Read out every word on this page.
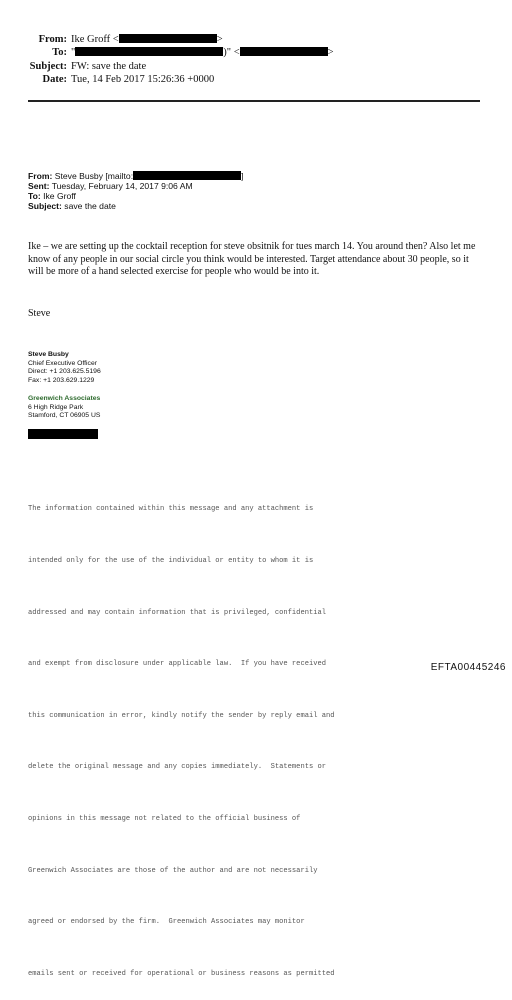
From: Ike Groff <	>
To: "	)" <	>
Subject: FW: save the date
Date: Tue, 14 Feb 2017 15:26:36 +0000
From: Steve Busby [mailto:	]
Sent: Tuesday, February 14, 2017 9:06 AM
To: Ike Groff
Subject: save the date
Ike – we are setting up the cocktail reception for steve obsitnik for tues march 14. You around then? Also let me know of any people in our social circle you think would be interested. Target attendance about 30 people, so it will be more of a hand selected exercise for people who would be into it.
Steve
Steve Busby
Chief Executive Officer
Direct: +1 203.625.5196
Fax: +1 203.629.1229
Greenwich Associates
6 High Ridge Park
Stamford, CT 06905 US

The information contained within this message and any attachment is

intended only for the use of the individual or entity to whom it is

addressed and may contain information that is privileged, confidential

and exempt from disclosure under applicable law.  If you have received

this communication in error, kindly notify the sender by reply email and

delete the original message and any copies immediately.  Statements or

opinions in this message not related to the official business of

Greenwich Associates are those of the author and are not necessarily

agreed or endorsed by the firm.  Greenwich Associates may monitor

emails sent or received for operational or business reasons as permitted

EFTA00445246
